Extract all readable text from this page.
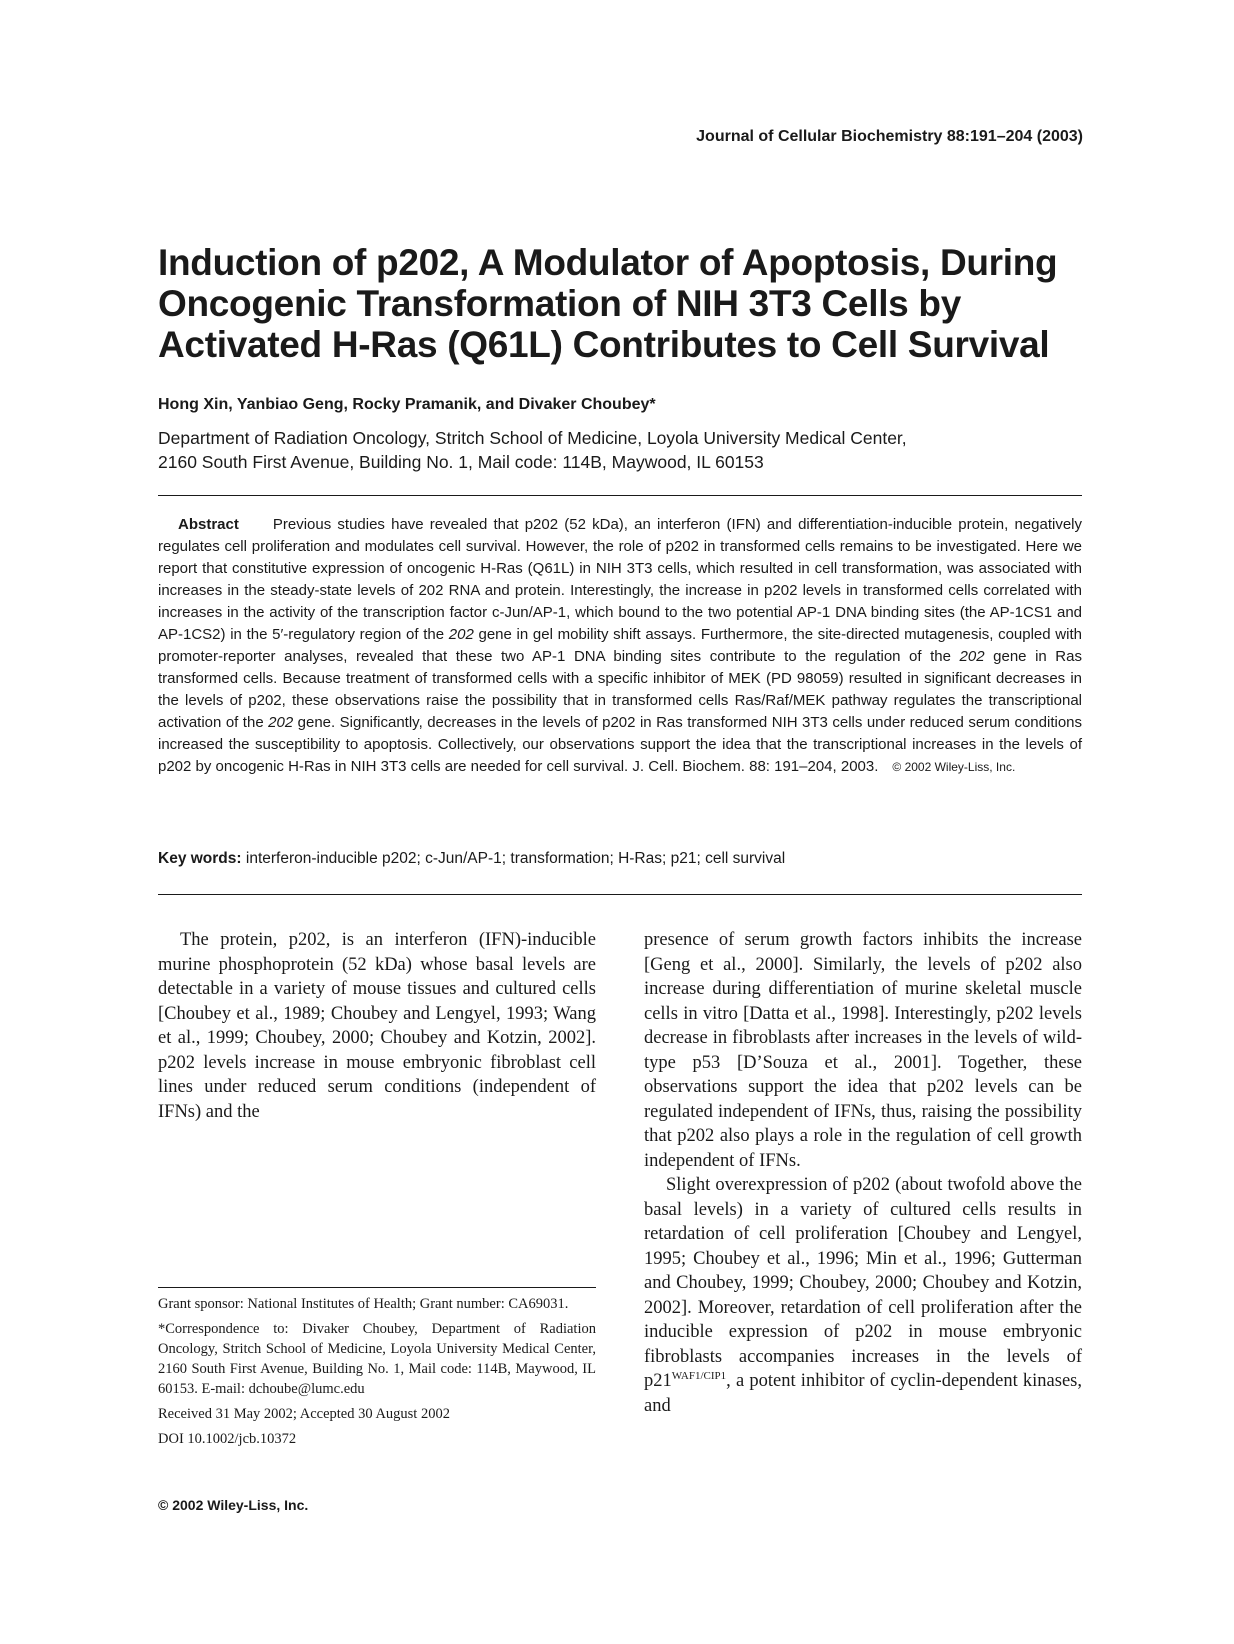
Journal of Cellular Biochemistry 88:191–204 (2003)
Induction of p202, A Modulator of Apoptosis, During
Oncogenic Transformation of NIH 3T3 Cells by
Activated H-Ras (Q61L) Contributes to Cell Survival
Hong Xin, Yanbiao Geng, Rocky Pramanik, and Divaker Choubey*
Department of Radiation Oncology, Stritch School of Medicine, Loyola University Medical Center,
2160 South First Avenue, Building No. 1, Mail code: 114B, Maywood, IL 60153
Abstract Previous studies have revealed that p202 (52 kDa), an interferon (IFN) and differentiation-inducible protein, negatively regulates cell proliferation and modulates cell survival. However, the role of p202 in transformed cells remains to be investigated. Here we report that constitutive expression of oncogenic H-Ras (Q61L) in NIH 3T3 cells, which resulted in cell transformation, was associated with increases in the steady-state levels of 202 RNA and protein. Interestingly, the increase in p202 levels in transformed cells correlated with increases in the activity of the transcription factor c-Jun/AP-1, which bound to the two potential AP-1 DNA binding sites (the AP-1CS1 and AP-1CS2) in the 5′-regulatory region of the 202 gene in gel mobility shift assays. Furthermore, the site-directed mutagenesis, coupled with promoter-reporter analyses, revealed that these two AP-1 DNA binding sites contribute to the regulation of the 202 gene in Ras transformed cells. Because treatment of transformed cells with a specific inhibitor of MEK (PD 98059) resulted in significant decreases in the levels of p202, these observations raise the possibility that in transformed cells Ras/Raf/MEK pathway regulates the transcriptional activation of the 202 gene. Significantly, decreases in the levels of p202 in Ras transformed NIH 3T3 cells under reduced serum conditions increased the susceptibility to apoptosis. Collectively, our observations support the idea that the transcriptional increases in the levels of p202 by oncogenic H-Ras in NIH 3T3 cells are needed for cell survival. J. Cell. Biochem. 88: 191–204, 2003. © 2002 Wiley-Liss, Inc.
Key words: interferon-inducible p202; c-Jun/AP-1; transformation; H-Ras; p21; cell survival

The protein, p202, is an interferon (IFN)-inducible murine phosphoprotein (52 kDa) whose basal levels are detectable in a variety of mouse tissues and cultured cells [Choubey et al., 1989; Choubey and Lengyel, 1993; Wang et al., 1999; Choubey, 2000; Choubey and Kotzin, 2002]. p202 levels increase in mouse embryonic fibroblast cell lines under reduced serum conditions (independent of IFNs) and the

presence of serum growth factors inhibits the increase [Geng et al., 2000]. Similarly, the levels of p202 also increase during differentiation of murine skeletal muscle cells in vitro [Datta et al., 1998]. Interestingly, p202 levels decrease in fibroblasts after increases in the levels of wild-type p53 [D’Souza et al., 2001]. Together, these observations support the idea that p202 levels can be regulated independent of IFNs, thus, raising the possibility that p202 also plays a role in the regulation of cell growth independent of IFNs.

Slight overexpression of p202 (about twofold above the basal levels) in a variety of cultured cells results in retardation of cell proliferation [Choubey and Lengyel, 1995; Choubey et al., 1996; Min et al., 1996; Gutterman and Choubey, 1999; Choubey, 2000; Choubey and Kotzin, 2002]. Moreover, retardation of cell proliferation after the inducible expression of p202 in mouse embryonic fibroblasts accompanies increases in the levels of $p21^{WAF1/CIP1}$, a potent inhibitor of cyclin-dependent kinases, and

Grant sponsor: National Institutes of Health; Grant number: CA69031.

*Correspondence to: Divaker Choubey, Department of Radiation Oncology, Stritch School of Medicine, Loyola University Medical Center, 2160 South First Avenue, Building No. 1, Mail code: 114B, Maywood, IL 60153. E-mail: dchoube@lumc.edu

Received 31 May 2002; Accepted 30 August 2002

DOI 10.1002/jcb.10372

© 2002 Wiley-Liss, Inc.
